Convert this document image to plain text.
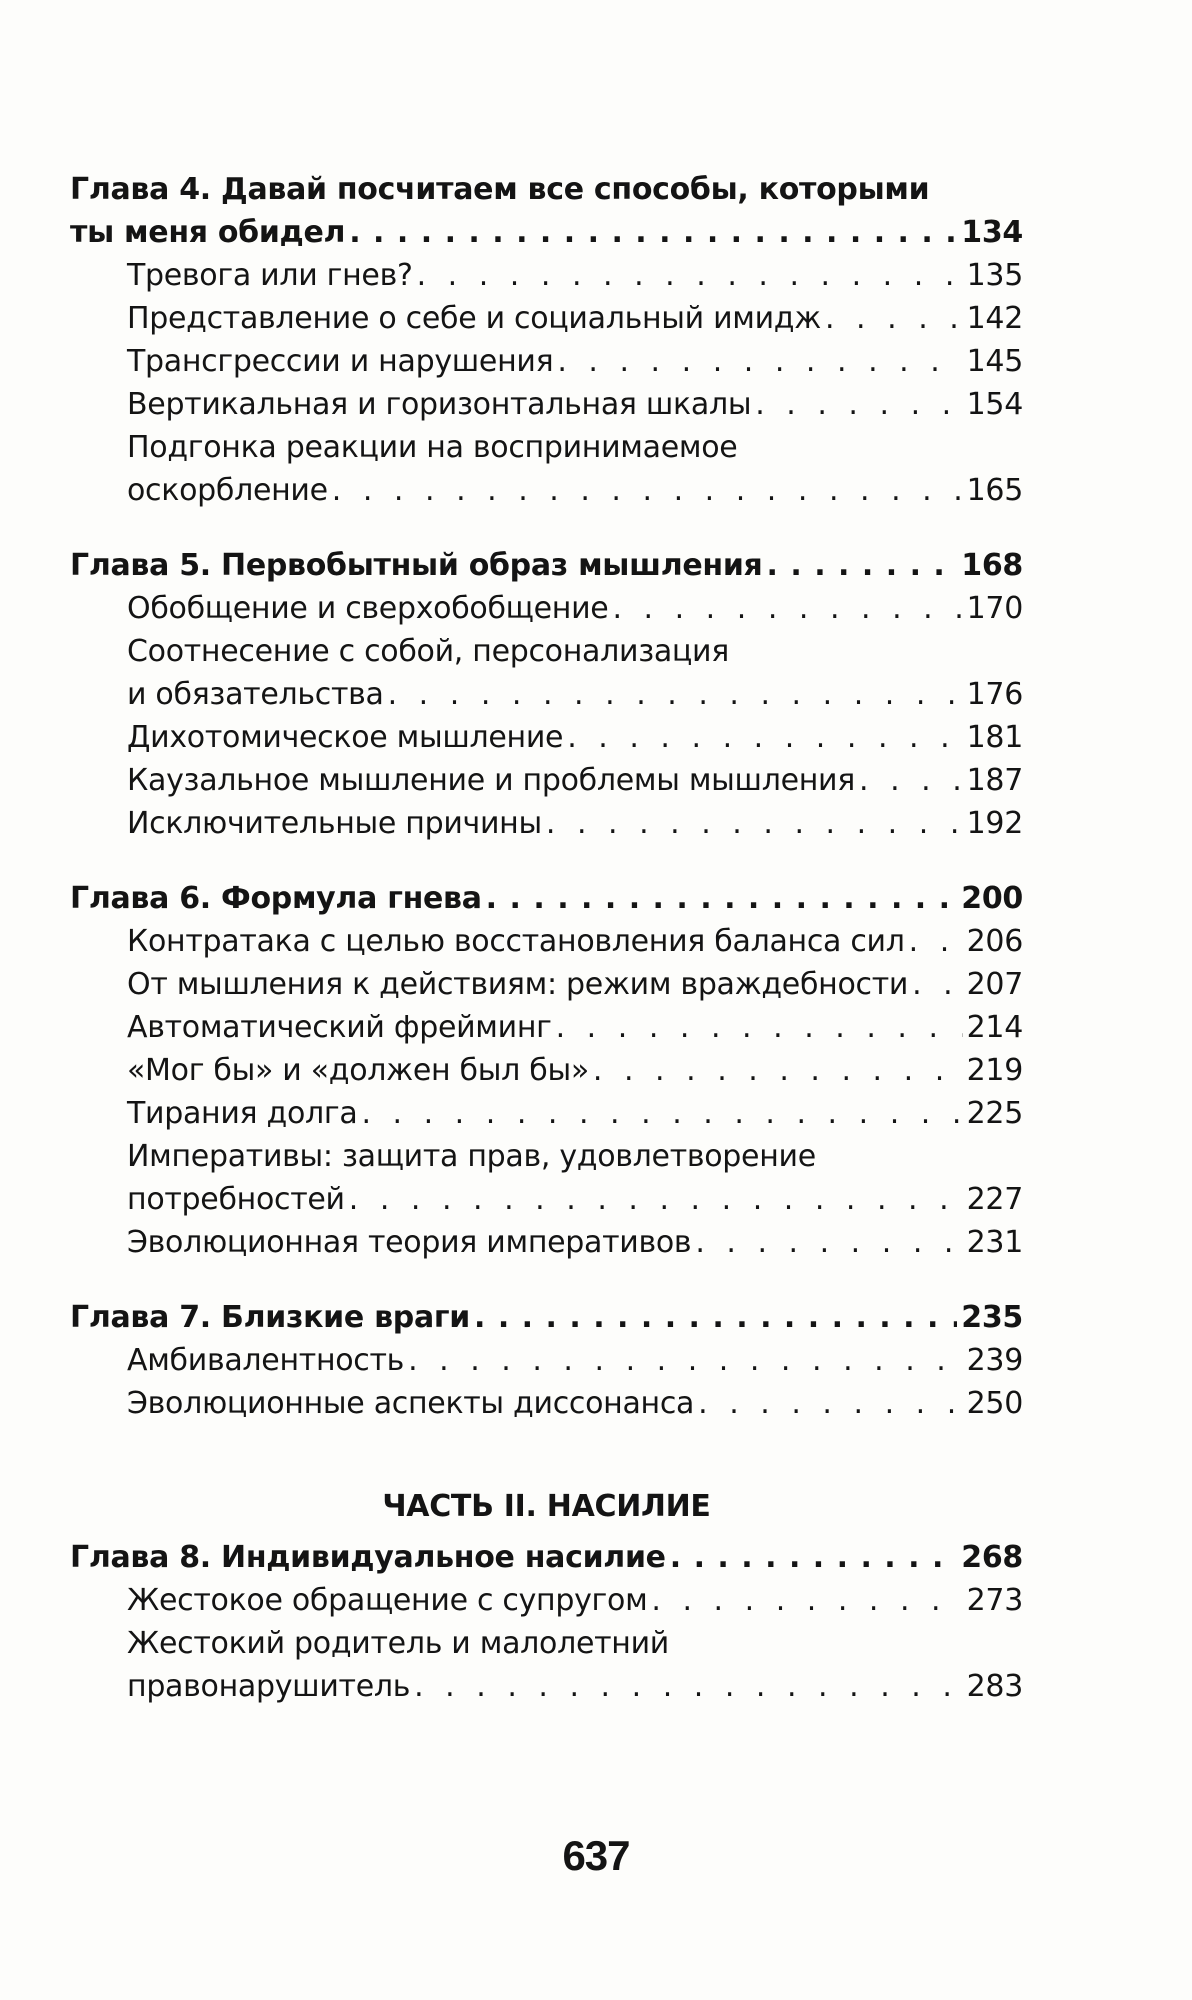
Глава 4. Давай посчитаем все способы, которыми
ты меня обидел . . .	134
Тревога или гнев? . . .	135
Представление о себе и социальный имидж . . .	142
Трансгрессии и нарушения . . .	145
Вертикальная и горизонтальная шкалы . . .	154
Подгонка реакции на воспринимаемое
оскорбление . . .	165
Глава 5. Первобытный образ мышления . . .	168
Обобщение и сверхобобщение . . .	170
Соотнесение с собой, персонализация
и обязательства . . .	176
Дихотомическое мышление . . .	181
Каузальное мышление и проблемы мышления . . .	187
Исключительные причины . . .	192
Глава 6. Формула гнева . . .	200
Контратака с целью восстановления баланса сил . . . 206
От мышления к действиям: режим враждебности . . . 207
Автоматический фрейминг . . .	214
«Мог бы» и «должен был бы» . . .	219
Тирания долга . . .	225
Императивы: защита прав, удовлетворение
потребностей . . .	227
Эволюционная теория императивов . . .	231
Глава 7. Близкие враги . . .	235
Амбивалентность . . .	239
Эволюционные аспекты диссонанса . . .	250
ЧАСТЬ II. НАСИЛИЕ
Глава 8. Индивидуальное насилие . . .	268
Жестокое обращение с супругом . . .	273
Жестокий родитель и малолетний
правонарушитель . . .	283
637
